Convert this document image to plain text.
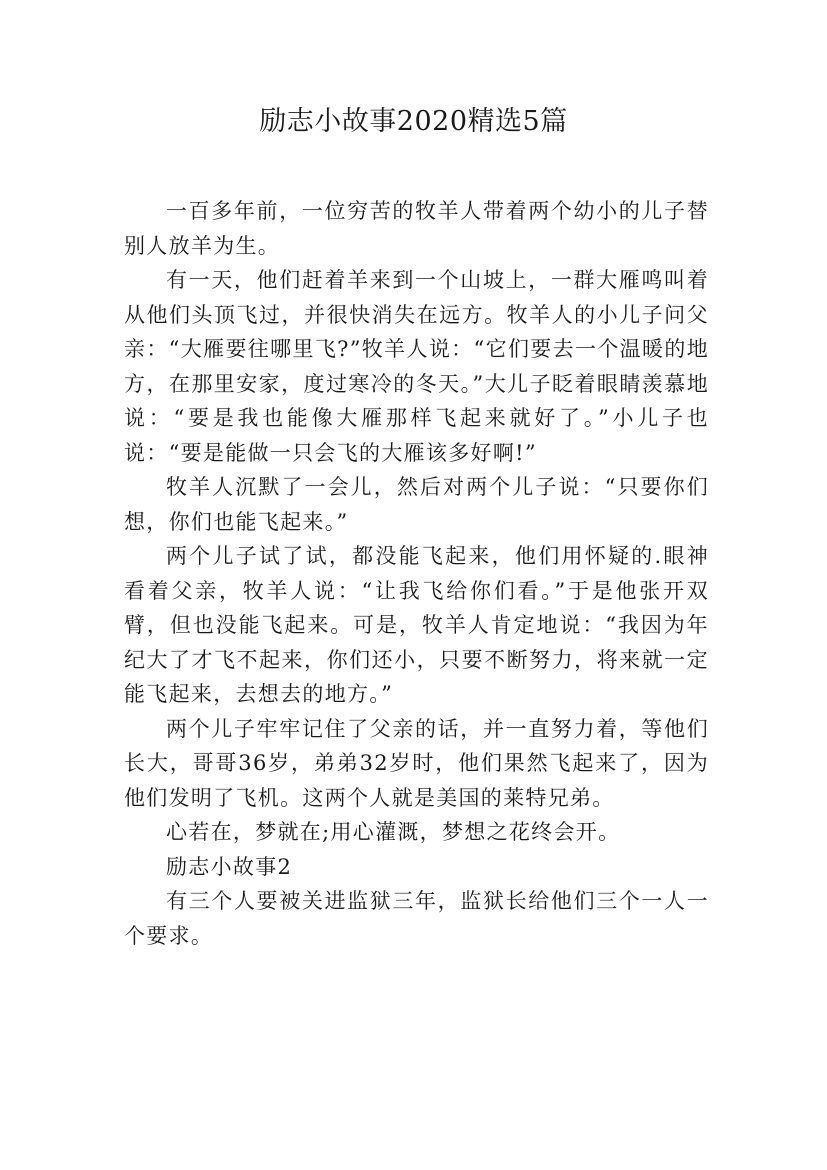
励志小故事2020精选5篇

一百多年前，一位穷苦的牧羊人带着两个幼小的儿子替别人放羊为生。

有一天，他们赶着羊来到一个山坡上，一群大雁鸣叫着从他们头顶飞过，并很快消失在远方。牧羊人的小儿子问父亲：“大雁要往哪里飞?”牧羊人说：“它们要去一个温暖的地方，在那里安家，度过寒冷的冬天。”大儿子眨着眼睛羡慕地说：“要是我也能像大雁那样飞起来就好了。”小儿子也说：“要是能做一只会飞的大雁该多好啊!”

牧羊人沉默了一会儿，然后对两个儿子说：“只要你们想，你们也能飞起来。”

两个儿子试了试，都没能飞起来，他们用怀疑的.眼神看着父亲，牧羊人说：“让我飞给你们看。”于是他张开双臂，但也没能飞起来。可是，牧羊人肯定地说：“我因为年纪大了才飞不起来，你们还小，只要不断努力，将来就一定能飞起来，去想去的地方。”

两个儿子牢牢记住了父亲的话，并一直努力着，等他们长大，哥哥36岁，弟弟32岁时，他们果然飞起来了，因为他们发明了飞机。这两个人就是美国的莱特兄弟。

心若在，梦就在;用心灌溉，梦想之花终会开。

励志小故事2

有三个人要被关进监狱三年，监狱长给他们三个一人一个要求。
